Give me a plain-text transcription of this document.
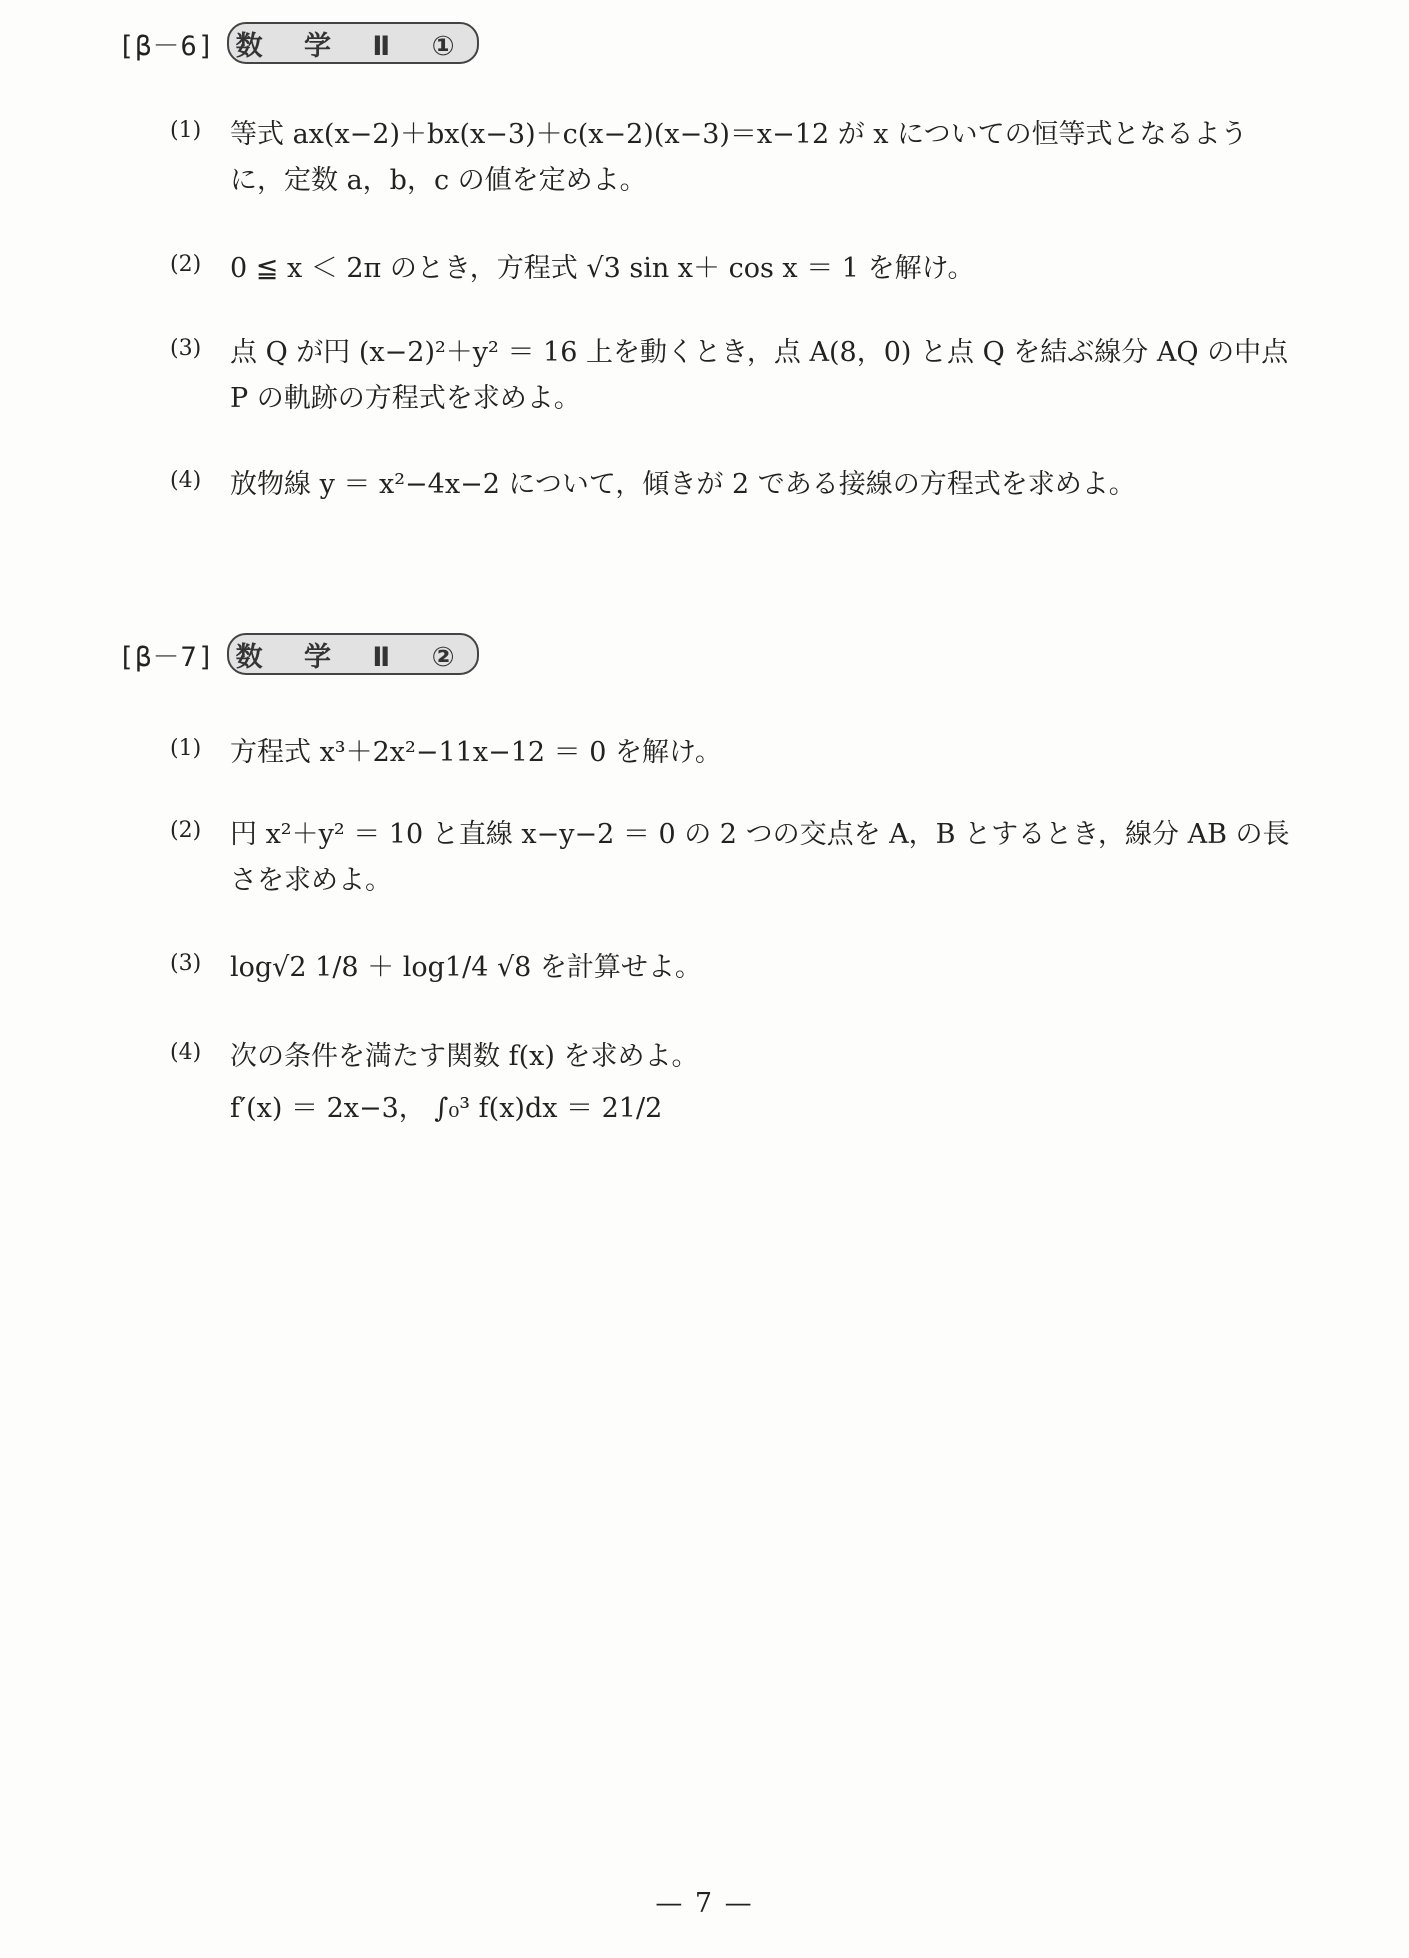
[β－6] 数 学 Ⅱ ①
(1) 等式 ax(x−2)＋bx(x−3)＋c(x−2)(x−3)＝x−12 が x についての恒等式となるように，定数 a，b，c の値を定めよ。
(2) 0 ≦ x ＜ 2π のとき，方程式 √3 sin x＋ cos x ＝ 1 を解け。
(3) 点 Q が円 (x−2)²＋y² ＝ 16 上を動くとき，点 A(8，0) と点 Q を結ぶ線分 AQ の中点 P の軌跡の方程式を求めよ。
(4) 放物線 y ＝ x²−4x−2 について，傾きが 2 である接線の方程式を求めよ。
[β－7] 数 学 Ⅱ ②
(1) 方程式 x³＋2x²−11x−12 ＝ 0 を解け。
(2) 円 x²＋y² ＝ 10 と直線 x−y−2 ＝ 0 の 2 つの交点を A，B とするとき，線分 AB の長さを求めよ。
(3) log√2 1/8 ＋ log1/4 √8 を計算せよ。
(4) 次の条件を満たす関数 f(x) を求めよ。
f′(x) ＝ 2x−3， ∫₀³ f(x)dx ＝ 21/2
— 7 —
